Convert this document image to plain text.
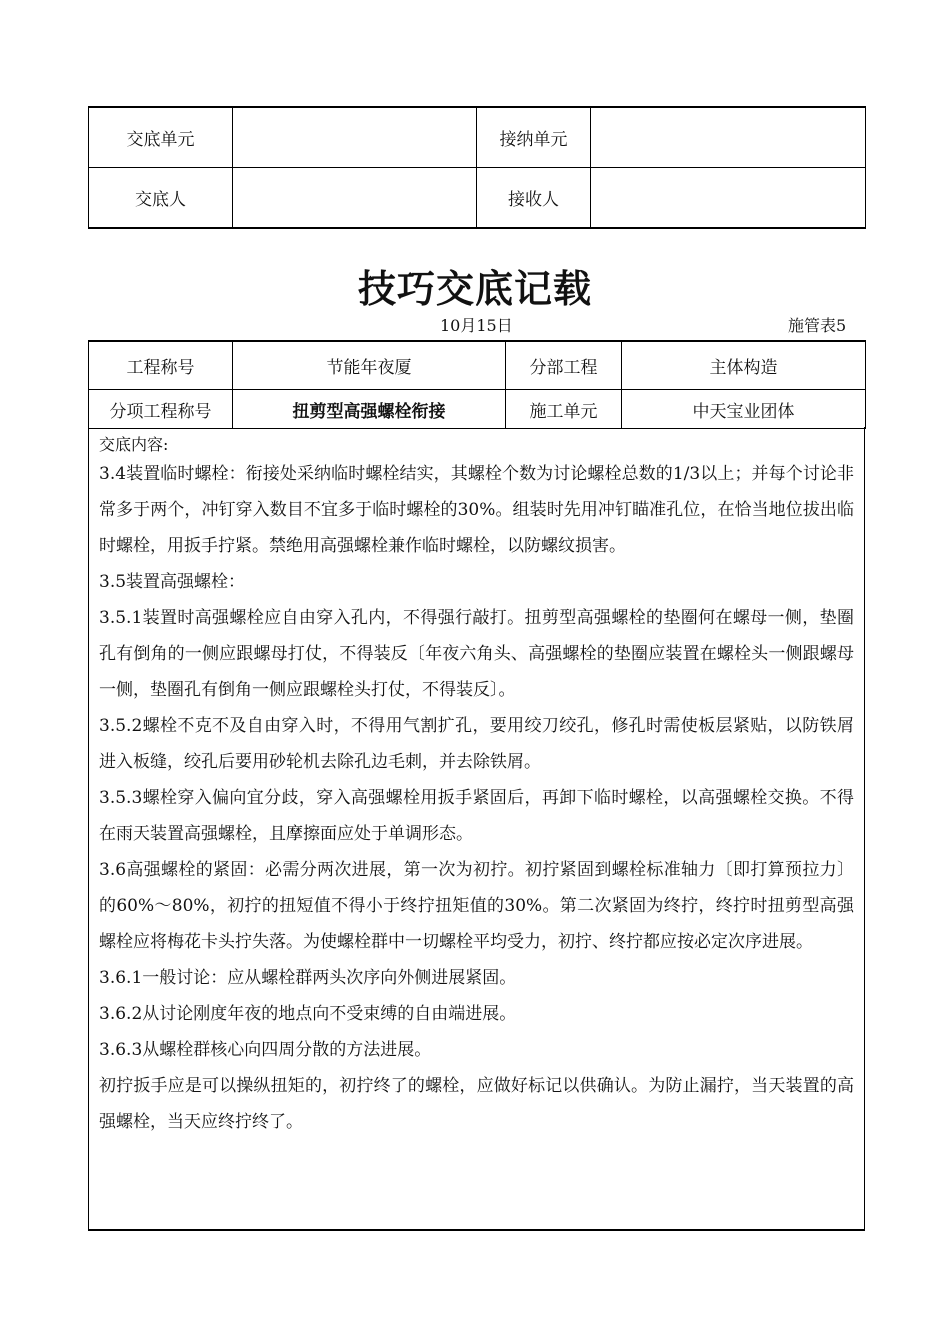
交底单元		接纳单元	
交底人		接收人	
技巧交底记载
10月15日	施管表5
工程称号	节能年夜厦	分部工程	主体构造
分项工程称号	扭剪型高强螺栓衔接	施工单元	中天宝业团体
交底内容:

3.4装置临时螺栓：衔接处采纳临时螺栓结实，其螺栓个数为讨论螺栓总数的1/3以上；并每个讨论非常多于两个，冲钉穿入数目不宜多于临时螺栓的30%。组装时先用冲钉瞄准孔位，在恰当地位拔出临时螺栓，用扳手拧紧。禁绝用高强螺栓兼作临时螺栓，以防螺纹损害。

3.5装置高强螺栓：

3.5.1装置时高强螺栓应自由穿入孔内，不得强行敲打。扭剪型高强螺栓的垫圈何在螺母一侧，垫圈孔有倒角的一侧应跟螺母打仗，不得装反〔年夜六角头、高强螺栓的垫圈应装置在螺栓头一侧跟螺母一侧，垫圈孔有倒角一侧应跟螺栓头打仗，不得装反〕。

3.5.2螺栓不克不及自由穿入时，不得用气割扩孔，要用绞刀绞孔，修孔时需使板层紧贴，以防铁屑进入板缝，绞孔后要用砂轮机去除孔边毛刺，并去除铁屑。

3.5.3螺栓穿入偏向宜分歧，穿入高强螺栓用扳手紧固后，再卸下临时螺栓，以高强螺栓交换。不得在雨天装置高强螺栓，且摩擦面应处于单调形态。

3.6高强螺栓的紧固：必需分两次进展，第一次为初拧。初拧紧固到螺栓标准轴力〔即打算预拉力〕的60%～80%，初拧的扭短值不得小于终拧扭矩值的30%。第二次紧固为终拧，终拧时扭剪型高强螺栓应将梅花卡头拧失落。为使螺栓群中一切螺栓平均受力，初拧、终拧都应按必定次序进展。

3.6.1一般讨论：应从螺栓群两头次序向外侧进展紧固。

3.6.2从讨论刚度年夜的地点向不受束缚的自由端进展。

3.6.3从螺栓群核心向四周分散的方法进展。

初拧扳手应是可以操纵扭矩的，初拧终了的螺栓，应做好标记以供确认。为防止漏拧，当天装置的高强螺栓，当天应终拧终了。
